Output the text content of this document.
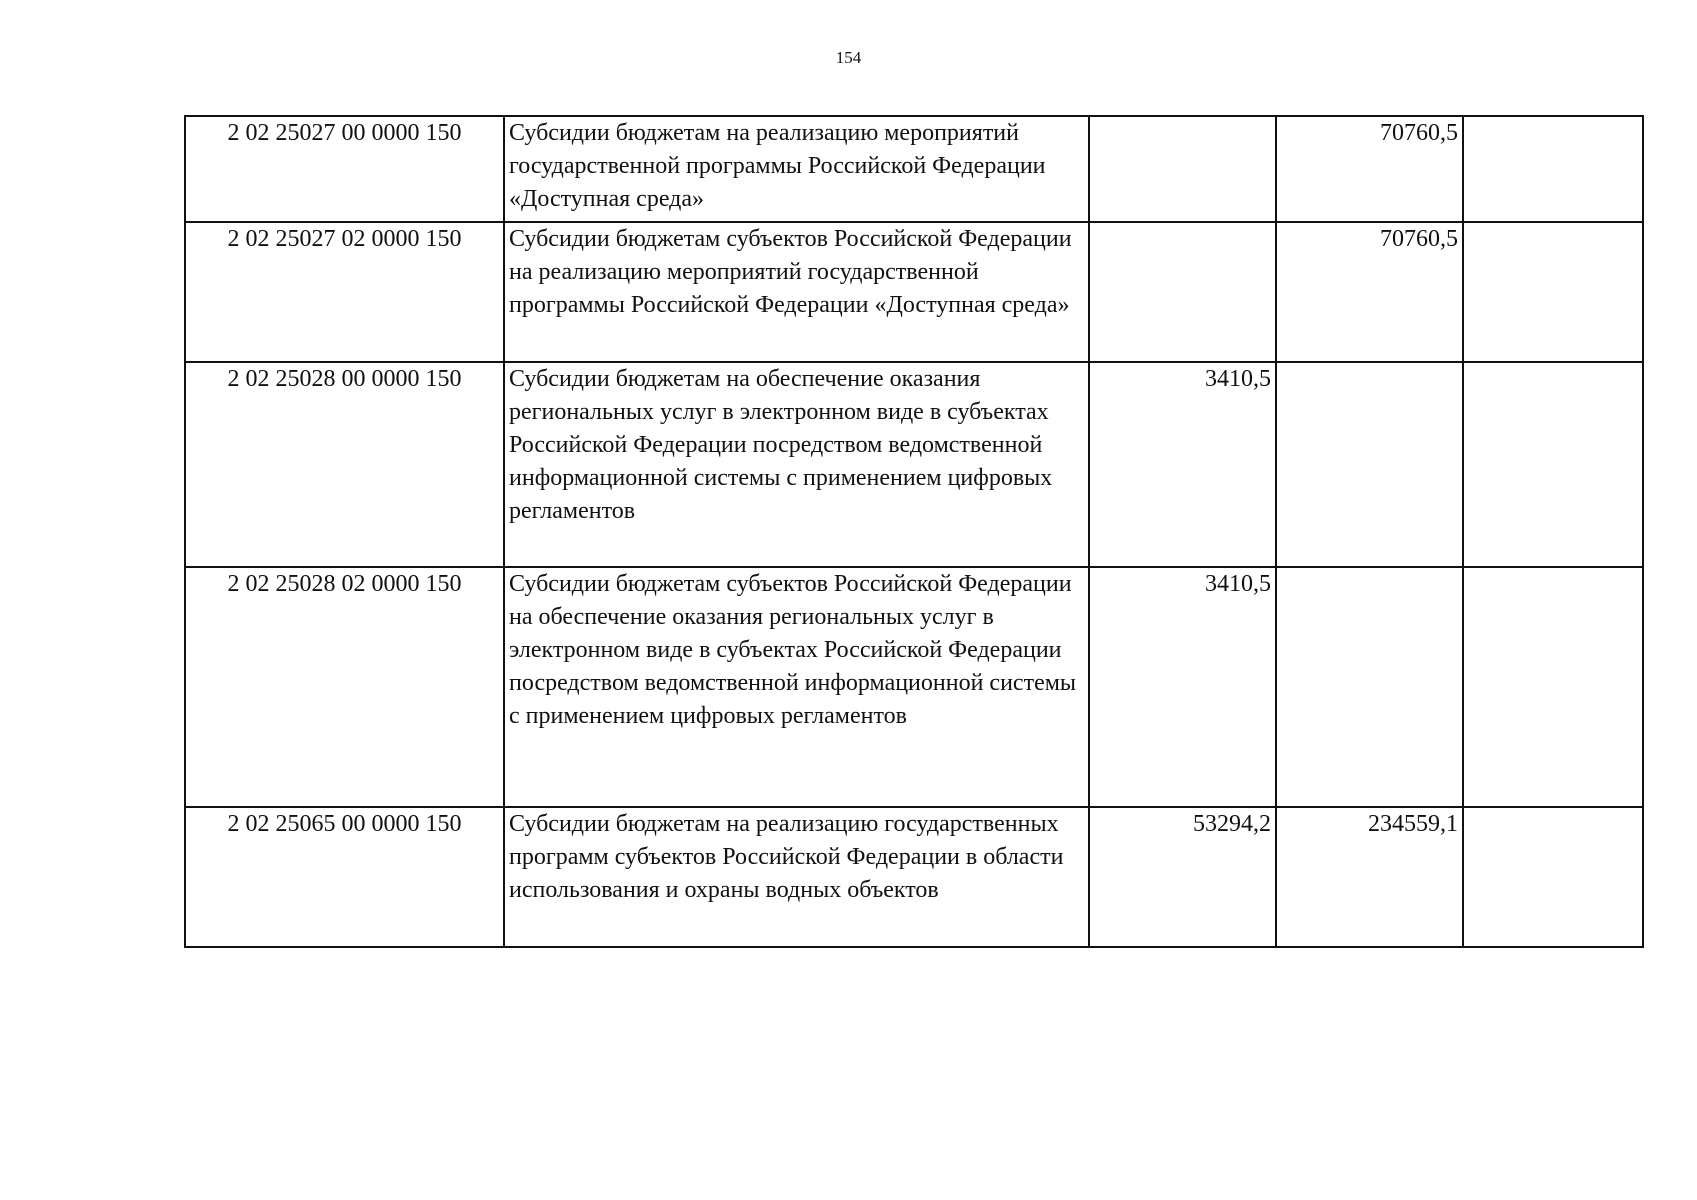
154
2 02 25027 00 0000 150	Субсидии бюджетам на реализацию мероприятий государственной программы Российской Федерации «Доступная среда»		70760,5	
2 02 25027 02 0000 150	Субсидии бюджетам субъектов Российской Федерации на реализацию мероприятий государственной программы Российской Федерации «Доступная среда»		70760,5	
2 02 25028 00 0000 150	Субсидии бюджетам на обеспечение оказания региональных услуг в электронном виде в субъектах Российской Федерации посредством ведомственной информационной системы с применением цифровых регламентов	3410,5		
2 02 25028 02 0000 150	Субсидии бюджетам субъектов Российской Федерации на обеспечение оказания региональных услуг в электронном виде в субъектах Российской Федерации посредством ведомственной информационной системы с применением цифровых регламентов	3410,5		
2 02 25065 00 0000 150	Субсидии бюджетам на реализацию государственных программ субъектов Российской Федерации в области использования и охраны водных объектов	53294,2	234559,1	
